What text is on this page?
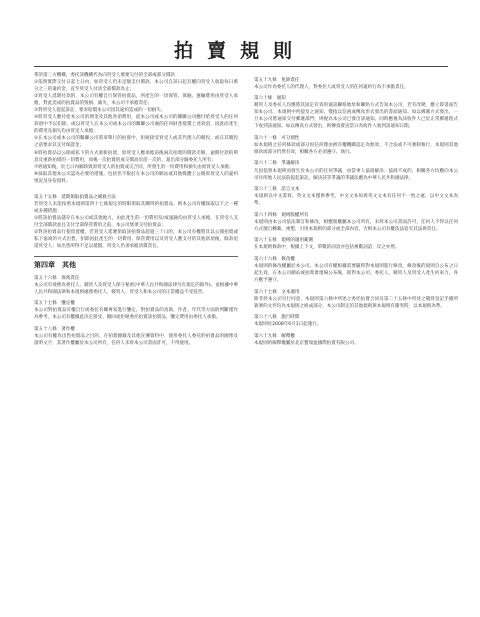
拍賣規則

系的第三方機構，委托該機構代為向買受人催要欠付的全部或部分價款

①依照實際交付日起七日內，如買受人仍未足額支付價款，本公司自該日起有權向買受人收取每日萬分之三的違約金，直至買受人付清全部價款為止；

②買受人延期付款的，本公司有權自行保管拍賣品，所產生的一切保管、保險、運輸費用由買受人承擔，對此造成的拍賣品的毀損、滅失，本公司不承擔責任；

③對買受人提起訴訟，要求賠償本公司因其違約造成的一切損失；

④將買受人應付給本公司的佣金及其他各項費用，從本公司或本公司的關聯公司應付給買受人的任何款項中予以扣除，或以買受人在本公司或本公司的關聯公司處的任何財產抵償上述款項，因此而產生的費用及損失均由買受人承擔；

⑤在本公司或本公司的關聯公司將來舉行的拍賣中，拒絕接受買受人或其代理人的競投，或在其競投之前要求其支付保證金；

⑥將拍賣品以公開或私下的方式重新拍賣，原買受人應承擔前後兩次拍賣的價款差額、逾期付款的利息及重新拍賣的一切費用，如後一次拍賣的成交價高於前一次的，超出部分歸委托人所有；

⑦經通知後，於七日內解除與原買受人的拍賣成交合同，所發生的一切費用和損失由原買受人承擔；

⑧採取其他本公司認為必要的措施，包括但不限於在本公司的網站或其他媒體上公開原買受人的違約情況及身份資料。

第五十五條　延期領取拍賣品之補救方法

若買受人未能按照本規則第四十七條規定的時限領取其購得的拍賣品，則本公司有權採取以下之一種或多種措施：

①將該拍賣品儲存在本公司或其他地方，由此產生的一切費用及/或風險均由買受人承擔，在買受人支付全部價款並且支付全部保管費用之前，本公司無須交付拍賣品；

②對該拍賣品行使留置權，若買受人延遲領取該拍賣品超過三十日的，本公司有權將其以公開拍賣或私下協商的方式出售，扣除因此產生的一切費用、保管費用以及買受人應支付的其他款項後，餘款退還買受人；如出售所得不足以抵償，買受人仍須承擔清償責任。

第四章　其他
第五十六條　保密責任

本公司有義務為委托人、競買人及買受人保守秘密(中華人民共和國法律另有規定的除外)。並根據中華人民共和國法律和本規則處理委托人、競買人、買受人和本公司的正當權益不受侵害。

第五十七條　鑒定權

本公司對拍賣品有權自行或委托有關專家進行鑒定，對拍賣品的真偽、作者、年代等方面的判斷僅作為參考，本公司有權據此決定接受、撤回或拒絕委托拍賣該拍賣品，鑒定費用由委托人承擔。

第五十八條　著作權

本公司有權為出售拍賣品之目的，在拍賣圖錄及其他宣傳資料中，使用委托人委托的拍賣品的圖像及說明文字，其著作權屬於本公司所有，任何人未經本公司書面許可，不得使用。

第五十九條　免除責任

本公司作為委托人的代理人，對委托人或買受人的任何違約行為不承擔責任。

第六十條　通知

競買人及委托人均應將其固定有效的通訊聯絡地址和聯絡方式告知本公司，若有改變，應立即書面告知本公司。本規則中所提及之通知，僅指以信函或傳真形式發出的書面通知。如以郵遞方式發出，一旦本公司將通知交付郵遞部門，則視為本公司已發出該通知。同時應視為該收件人已於正常郵遞程式下收到該通知。如以傳真方式發出，則傳真發送當日為收件人收到該通知日期。

第六十一條　可分割性

如本規則之任何條款或部分因任何理由被有權機關認定為無效，不合法或不可強制執行，本規則其他條款或部分仍然有效，相關各方必須遵守、執行。

第六十二條　爭議解決

凡因依照本規則而發生於本公司的任何爭議，由當事人協商解決；協商不成的，相關各方均應向本公司住所地人民法院提起訴訟。解決該等爭議的爭議法應為中華人民共和國法律。

第六十三條　語言文本

本規則以中文書寫，英文文本僅供參考，中文文本如與英文文本有任何不一致之處，以中文文本為準。

第六十四條　規則版權所有

本規則由本公司依法制訂和修改，相應版權屬本公司所有，未經本公司書面許可，任何人不得以任何方式擅自轉載、複製、引用本規則的部分或全部內容，否則本公司有權依法追究其法律責任。

第六十五條　規則的適用範圍

在本規則條款中，根據上下文，單數的詞語亦包括複數詞語，反之亦然。

第六十六條　修改權

本規則的修改權屬於本公司。本公司有權根據需要隨時對本規則進行修改，修改後的規則自公布之日起生效，在本公司網站或拍賣會現場公布後，即對本公司、委托人、競買人及買受人產生約束力，各方應予遵守。

第六十七條　文本適用

除非經本公司另行同意，本規則第六條中所述之委托拍賣合同及第二十五條中所述之競買登記手續所簽署的文件均為本規則之組成部分，本公司制定的其他規則與本規則有衝突時，以本規則為準。

第六十八條　施行時間

本規則於2008年6月1日起施行。

第六十九條　解釋權

本規則的解釋權屬於北京寶瑞盈國際拍賣有限公司。
